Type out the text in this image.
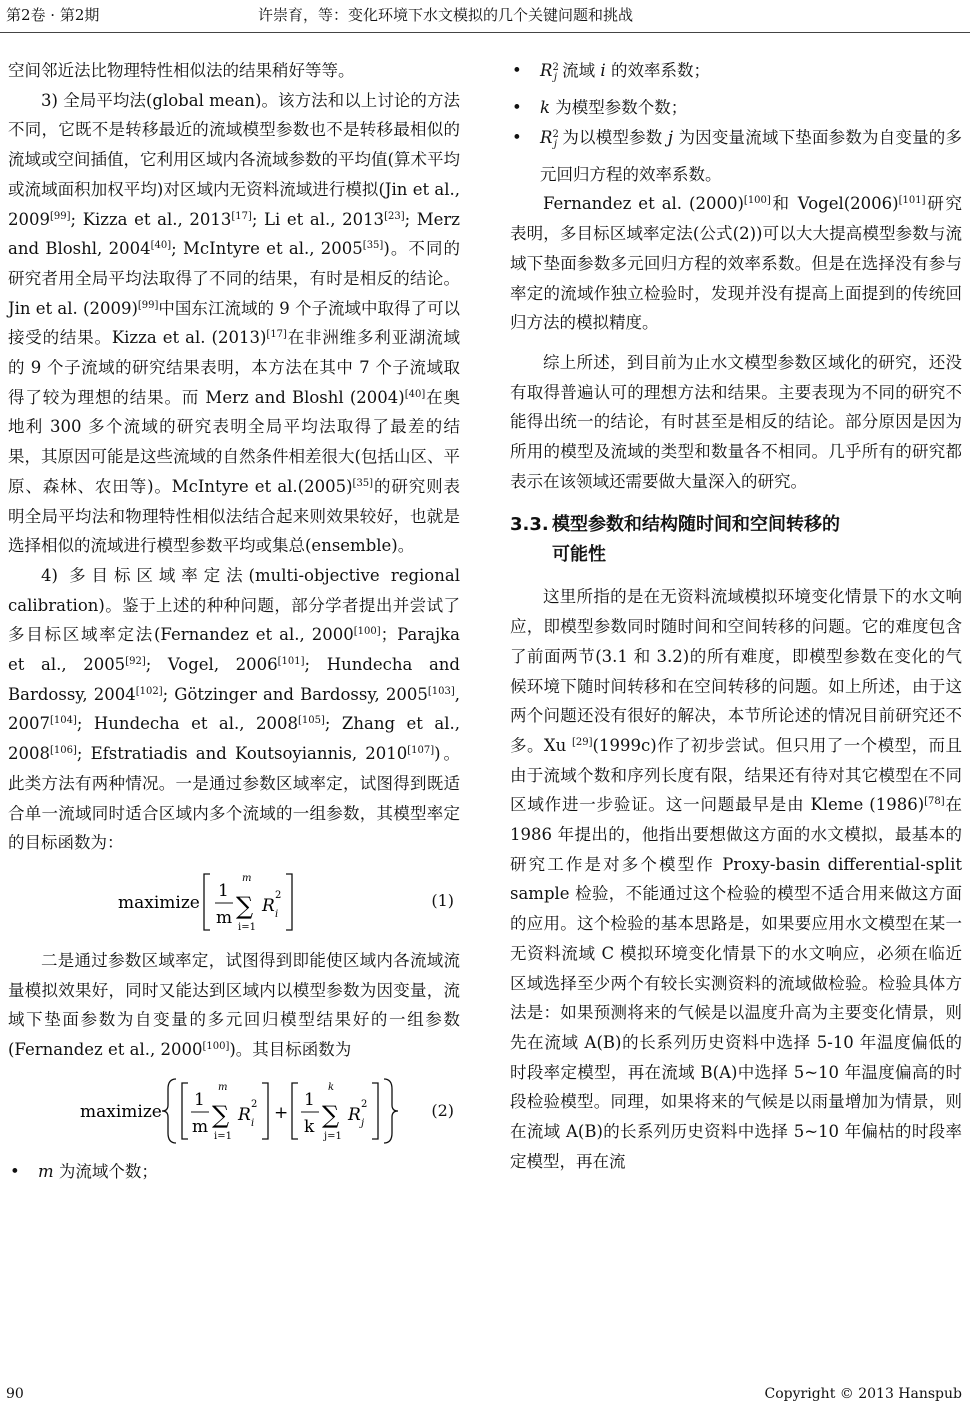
第2卷 · 第2期	许崇育，等：变化环境下水文模拟的几个关键问题和挑战

空间邻近法比物理特性相似法的结果稍好等等。

3) 全局平均法(global mean)。该方法和以上讨论的方法不同，它既不是转移最近的流域模型参数也不是转移最相似的流域或空间插值，它利用区域内各流域参数的平均值(算术平均或流域面积加权平均)对区域内无资料流域进行模拟(Jin et al., 2009[99]; Kizza et al., 2013[17]; Li et al., 2013[23]; Merz and Bloshl, 2004[40]; McIntyre et al., 2005[35])。不同的研究者用全局平均法取得了不同的结果，有时是相反的结论。Jin et al. (2009)[99]中国东江流域的 9 个子流域中取得了可以接受的结果。Kizza et al. (2013)[17]在非洲维多利亚湖流域的 9 个子流域的研究结果表明，本方法在其中 7 个子流域取得了较为理想的结果。而 Merz and Bloshl (2004)[40]在奥地利 300 多个流域的研究表明全局平均法取得了最差的结果，其原因可能是这些流域的自然条件相差很大(包括山区、平原、森林、农田等)。McIntyre et al.(2005)[35]的研究则表明全局平均法和物理特性相似法结合起来则效果较好，也就是选择相似的流域进行模型参数平均或集总(ensemble)。

4) 多目标区域率定法(multi-objective regional calibration)。鉴于上述的种种问题，部分学者提出并尝试了多目标区域率定法(Fernandez et al., 2000[100]；Parajka et al., 2005[92]; Vogel, 2006[101]; Hundecha and Bardossy, 2004[102]; Götzinger and Bardossy, 2005[103], 2007[104]; Hundecha et al., 2008[105]; Zhang et al., 2008[106]; Efstratiadis and Koutsoyiannis, 2010[107])。此类方法有两种情况。一是通过参数区域率定，试图得到既适合单一流域同时适合区域内多个流域的一组参数，其模型率定的目标函数为：

maximize
1
m
m
∑
i=1
R
2
i
(1)

二是通过参数区域率定，试图得到即能使区域内各流域流量模拟效果好，同时又能达到区域内以模型参数为因变量，流域下垫面参数为自变量的多元回归模型结果好的一组参数(Fernandez et al., 2000[100])。其目标函数为

maximize
1
m
m
∑
i=1
R
2
i
+
1
k
k
∑
j=1
R
2
j
(2)
• m 为流域个数；
• $R^2_j$ 流域 i 的效率系数；
• k 为模型参数个数；
• $R^2_j$ 为以模型参数 j 为因变量流域下垫面参数为自变量的多元回归方程的效率系数。

Fernandez et al. (2000)[100]和 Vogel(2006)[101]研究表明，多目标区域率定法(公式(2))可以大大提高模型参数与流域下垫面参数多元回归方程的效率系数。但是在选择没有参与率定的流域作独立检验时，发现并没有提高上面提到的传统回归方法的模拟精度。

综上所述，到目前为止水文模型参数区域化的研究，还没有取得普遍认可的理想方法和结果。主要表现为不同的研究不能得出统一的结论，有时甚至是相反的结论。部分原因是因为所用的模型及流域的类型和数量各不相同。几乎所有的研究都表示在该领域还需要做大量深入的研究。

3.3. 模型参数和结构随时间和空间转移的
可能性

这里所指的是在无资料流域模拟环境变化情景下的水文响应，即模型参数同时随时间和空间转移的问题。它的难度包含了前面两节(3.1 和 3.2)的所有难度，即模型参数在变化的气候环境下随时间转移和在空间转移的问题。如上所述，由于这两个问题还没有很好的解决，本节所论述的情况目前研究还不多。Xu [29](1999c)作了初步尝试。但只用了一个模型，而且由于流域个数和序列长度有限，结果还有待对其它模型在不同区域作进一步验证。这一问题最早是由 Kleme (1986)[78]在 1986 年提出的，他指出要想做这方面的水文模拟，最基本的研究工作是对多个模型作 Proxy-basin differential-split sample 检验，不能通过这个检验的模型不适合用来做这方面的应用。这个检验的基本思路是，如果要应用水文模型在某一无资料流域 C 模拟环境变化情景下的水文响应，必须在临近区域选择至少两个有较长实测资料的流域做检验。检验具体方法是：如果预测将来的气候是以温度升高为主要变化情景，则先在流域 A(B)的长系列历史资料中选择 5-10 年温度偏低的时段率定模型，再在流域 B(A)中选择 5~10 年温度偏高的时段检验模型。同理，如果将来的气候是以雨量增加为情景，则在流域 A(B)的长系列历史资料中选择 5~10 年偏枯的时段率定模型，再在流

90	Copyright © 2013 Hanspub
